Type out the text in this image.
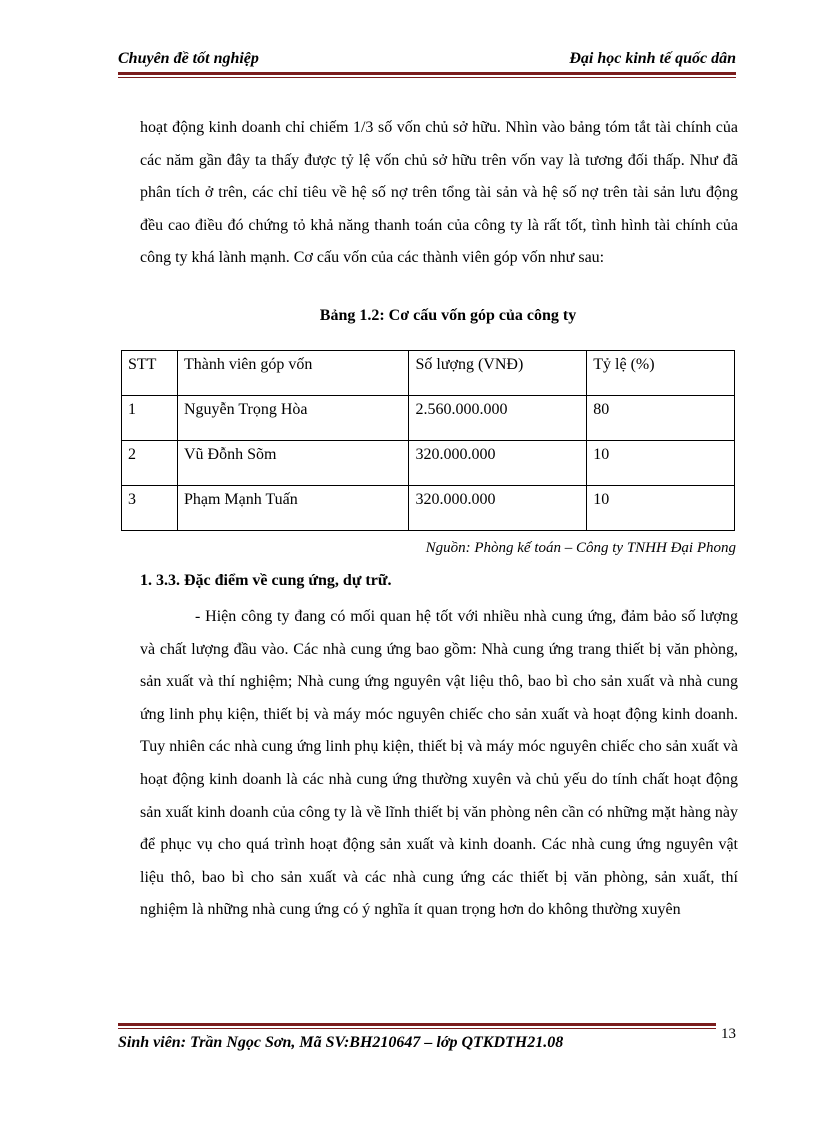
Chuyên đề tốt nghiệp	Đại học kinh tế quốc dân
hoạt động kinh doanh chỉ chiếm 1/3 số vốn chủ sở hữu. Nhìn vào bảng tóm tắt tài chính của các năm gần đây ta thấy được tỷ lệ vốn chủ sở hữu trên vốn vay là tương đối thấp. Như đã phân tích ở trên, các chỉ tiêu về hệ số nợ trên tổng tài sản và hệ số nợ trên tài sản lưu động đều cao điều đó chứng tỏ khả năng thanh toán của công ty là rất tốt, tình hình tài chính của công ty khá lành mạnh. Cơ cấu vốn của các thành viên góp vốn như sau:
Bảng 1.2: Cơ cấu vốn góp của công ty
STT	Thành viên góp vốn	Số lượng (VNĐ)	Tỷ lệ (%)
1	Nguyễn Trọng Hòa	2.560.000.000	80
2	Vũ Đỗnh Sõm	320.000.000	10
3	Phạm Mạnh Tuấn	320.000.000	10
Nguồn: Phòng kế toán – Công ty TNHH Đại Phong
1. 3.3. Đặc điểm về cung ứng, dự trữ.
- Hiện công ty đang có mối quan hệ tốt với nhiều nhà cung ứng, đảm bảo số lượng và chất lượng đầu vào. Các nhà cung ứng bao gồm: Nhà cung ứng trang thiết bị văn phòng, sản xuất và thí nghiệm; Nhà cung ứng nguyên vật liệu thô, bao bì cho sản xuất và nhà cung ứng linh phụ kiện, thiết bị và máy móc nguyên chiếc cho sản xuất và hoạt động kinh doanh. Tuy nhiên các nhà cung ứng linh phụ kiện, thiết bị và máy móc nguyên chiếc cho sản xuất và hoạt động kinh doanh là các nhà cung ứng thường xuyên và chủ yếu do tính chất hoạt động sản xuất kinh doanh của công ty là về lĩnh thiết bị văn phòng nên cần có những mặt hàng này để phục vụ cho quá trình hoạt động sản xuất và kinh doanh. Các nhà cung ứng nguyên vật liệu thô, bao bì cho sản xuất và các nhà cung ứng các thiết bị văn phòng, sản xuất, thí nghiệm là những nhà cung ứng có ý nghĩa ít quan trọng hơn do không thường xuyên
13
Sinh viên: Trần Ngọc Sơn, Mã SV:BH210647 – lớp QTKDTH21.08
